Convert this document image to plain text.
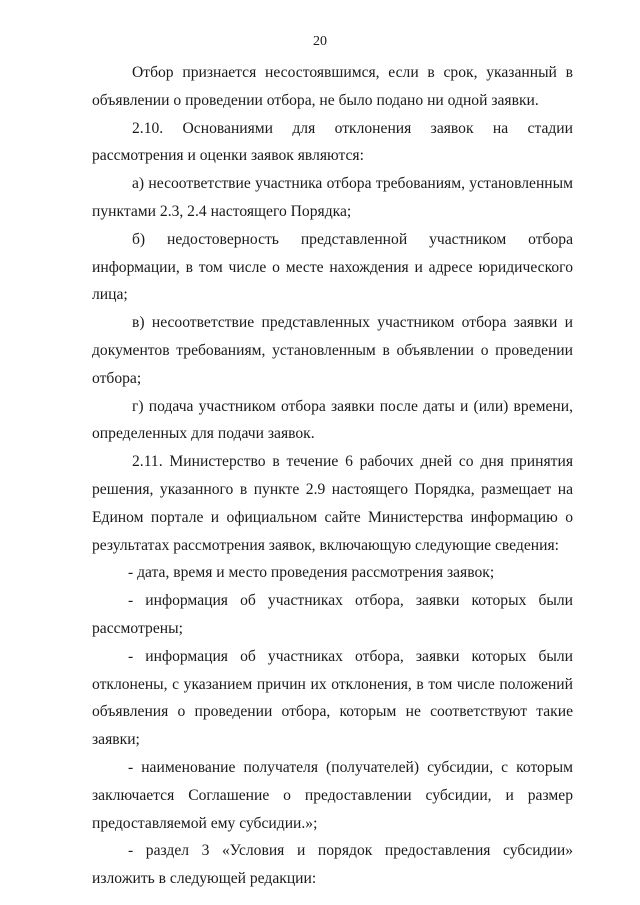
20

Отбор признается несостоявшимся, если в срок, указанный в объявлении о проведении отбора, не было подано ни одной заявки.

2.10. Основаниями для отклонения заявок на стадии рассмотрения и оценки заявок являются:

а) несоответствие участника отбора требованиям, установленным пунктами 2.3, 2.4 настоящего Порядка;

б) недостоверность представленной участником отбора информации, в том числе о месте нахождения и адресе юридического лица;

в) несоответствие представленных участником отбора заявки и документов требованиям, установленным в объявлении о проведении отбора;

г) подача участником отбора заявки после даты и (или) времени, определенных для подачи заявок.

2.11. Министерство в течение 6 рабочих дней со дня принятия решения, указанного в пункте 2.9 настоящего Порядка, размещает на Едином портале и официальном сайте Министерства информацию о результатах рассмотрения заявок, включающую следующие сведения:

- дата, время и место проведения рассмотрения заявок;

- информация об участниках отбора, заявки которых были рассмотрены;

- информация об участниках отбора, заявки которых были отклонены, с указанием причин их отклонения, в том числе положений объявления о проведении отбора, которым не соответствуют такие заявки;

- наименование получателя (получателей) субсидии, с которым заключается Соглашение о предоставлении субсидии, и размер предоставляемой ему субсидии.»;

- раздел 3 «Условия и порядок предоставления субсидии» изложить в следующей редакции:
